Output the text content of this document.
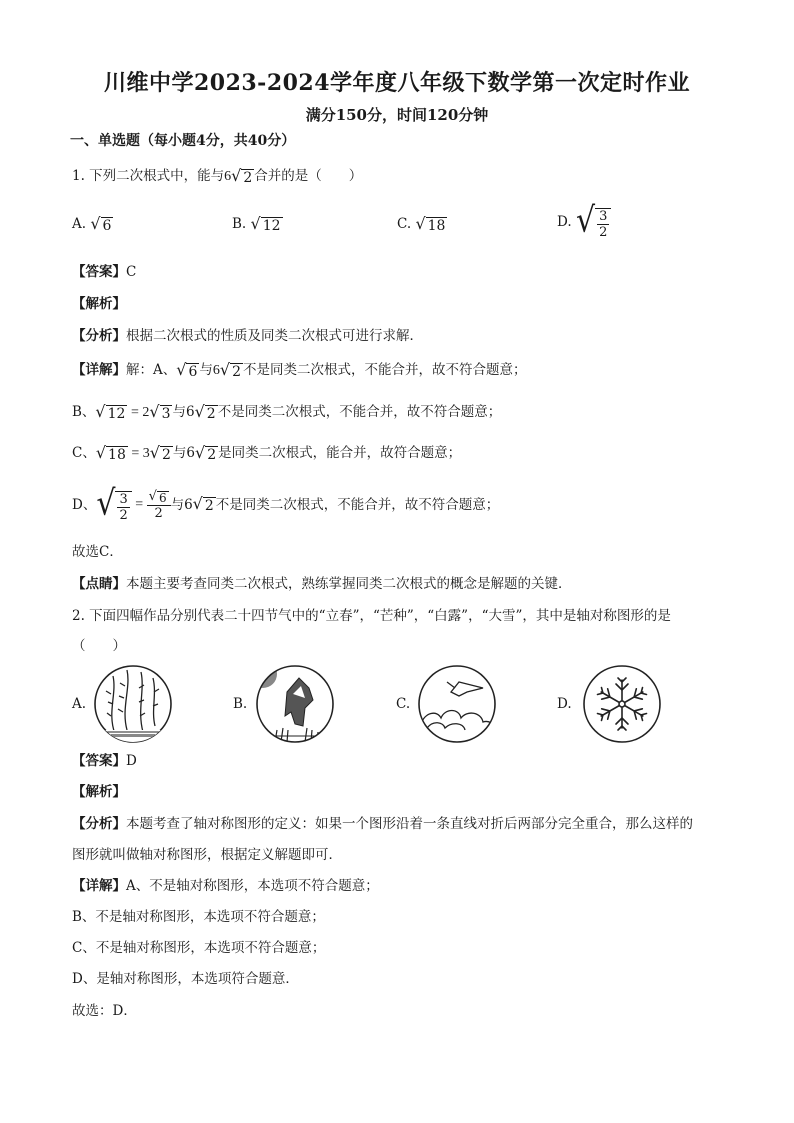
川维中学2023-2024学年度八年级下数学第一次定时作业
满分150分，时间120分钟
一、单选题（每小题4分，共40分）
1. 下列二次根式中，能与6 √ 2 合并的是（　　）
A. √ 6	B. √ 12	C. √ 18	D. √ $\frac{3}{2}$
【答案】C
【解析】
【分析】根据二次根式的性质及同类二次根式可进行求解．
【详解】解：A、 √ 6 与6 √ 2 不是同类二次根式，不能合并，故不符合题意；
B、 √ 12 = 2 √ 3 与6 √ 2 不是同类二次根式，不能合并，故不符合题意；
C、 √ 18 = 3 √ 2 与6 √ 2 是同类二次根式，能合并，故符合题意；
D、 √ $\frac{3}{2} = \frac{√ 6}{2}$ 与6 √ 2 不是同类二次根式，不能合并，故不符合题意；
故选C．
【点睛】本题主要考查同类二次根式，熟练掌握同类二次根式的概念是解题的关键．
2. 下面四幅作品分别代表二十四节气中的“立春”，“芒种”，“白露”，“大雪”，其中是轴对称图形的是
（　　）
A.	B.	C.	D.
【答案】D
【解析】
【分析】本题考查了轴对称图形的定义：如果一个图形沿着一条直线对折后两部分完全重合，那么这样的
图形就叫做轴对称图形，根据定义解题即可．
【详解】A、不是轴对称图形，本选项不符合题意；
B、不是轴对称图形，本选项不符合题意；
C、不是轴对称图形，本选项不符合题意；
D、是轴对称图形，本选项符合题意．
故选：D．
